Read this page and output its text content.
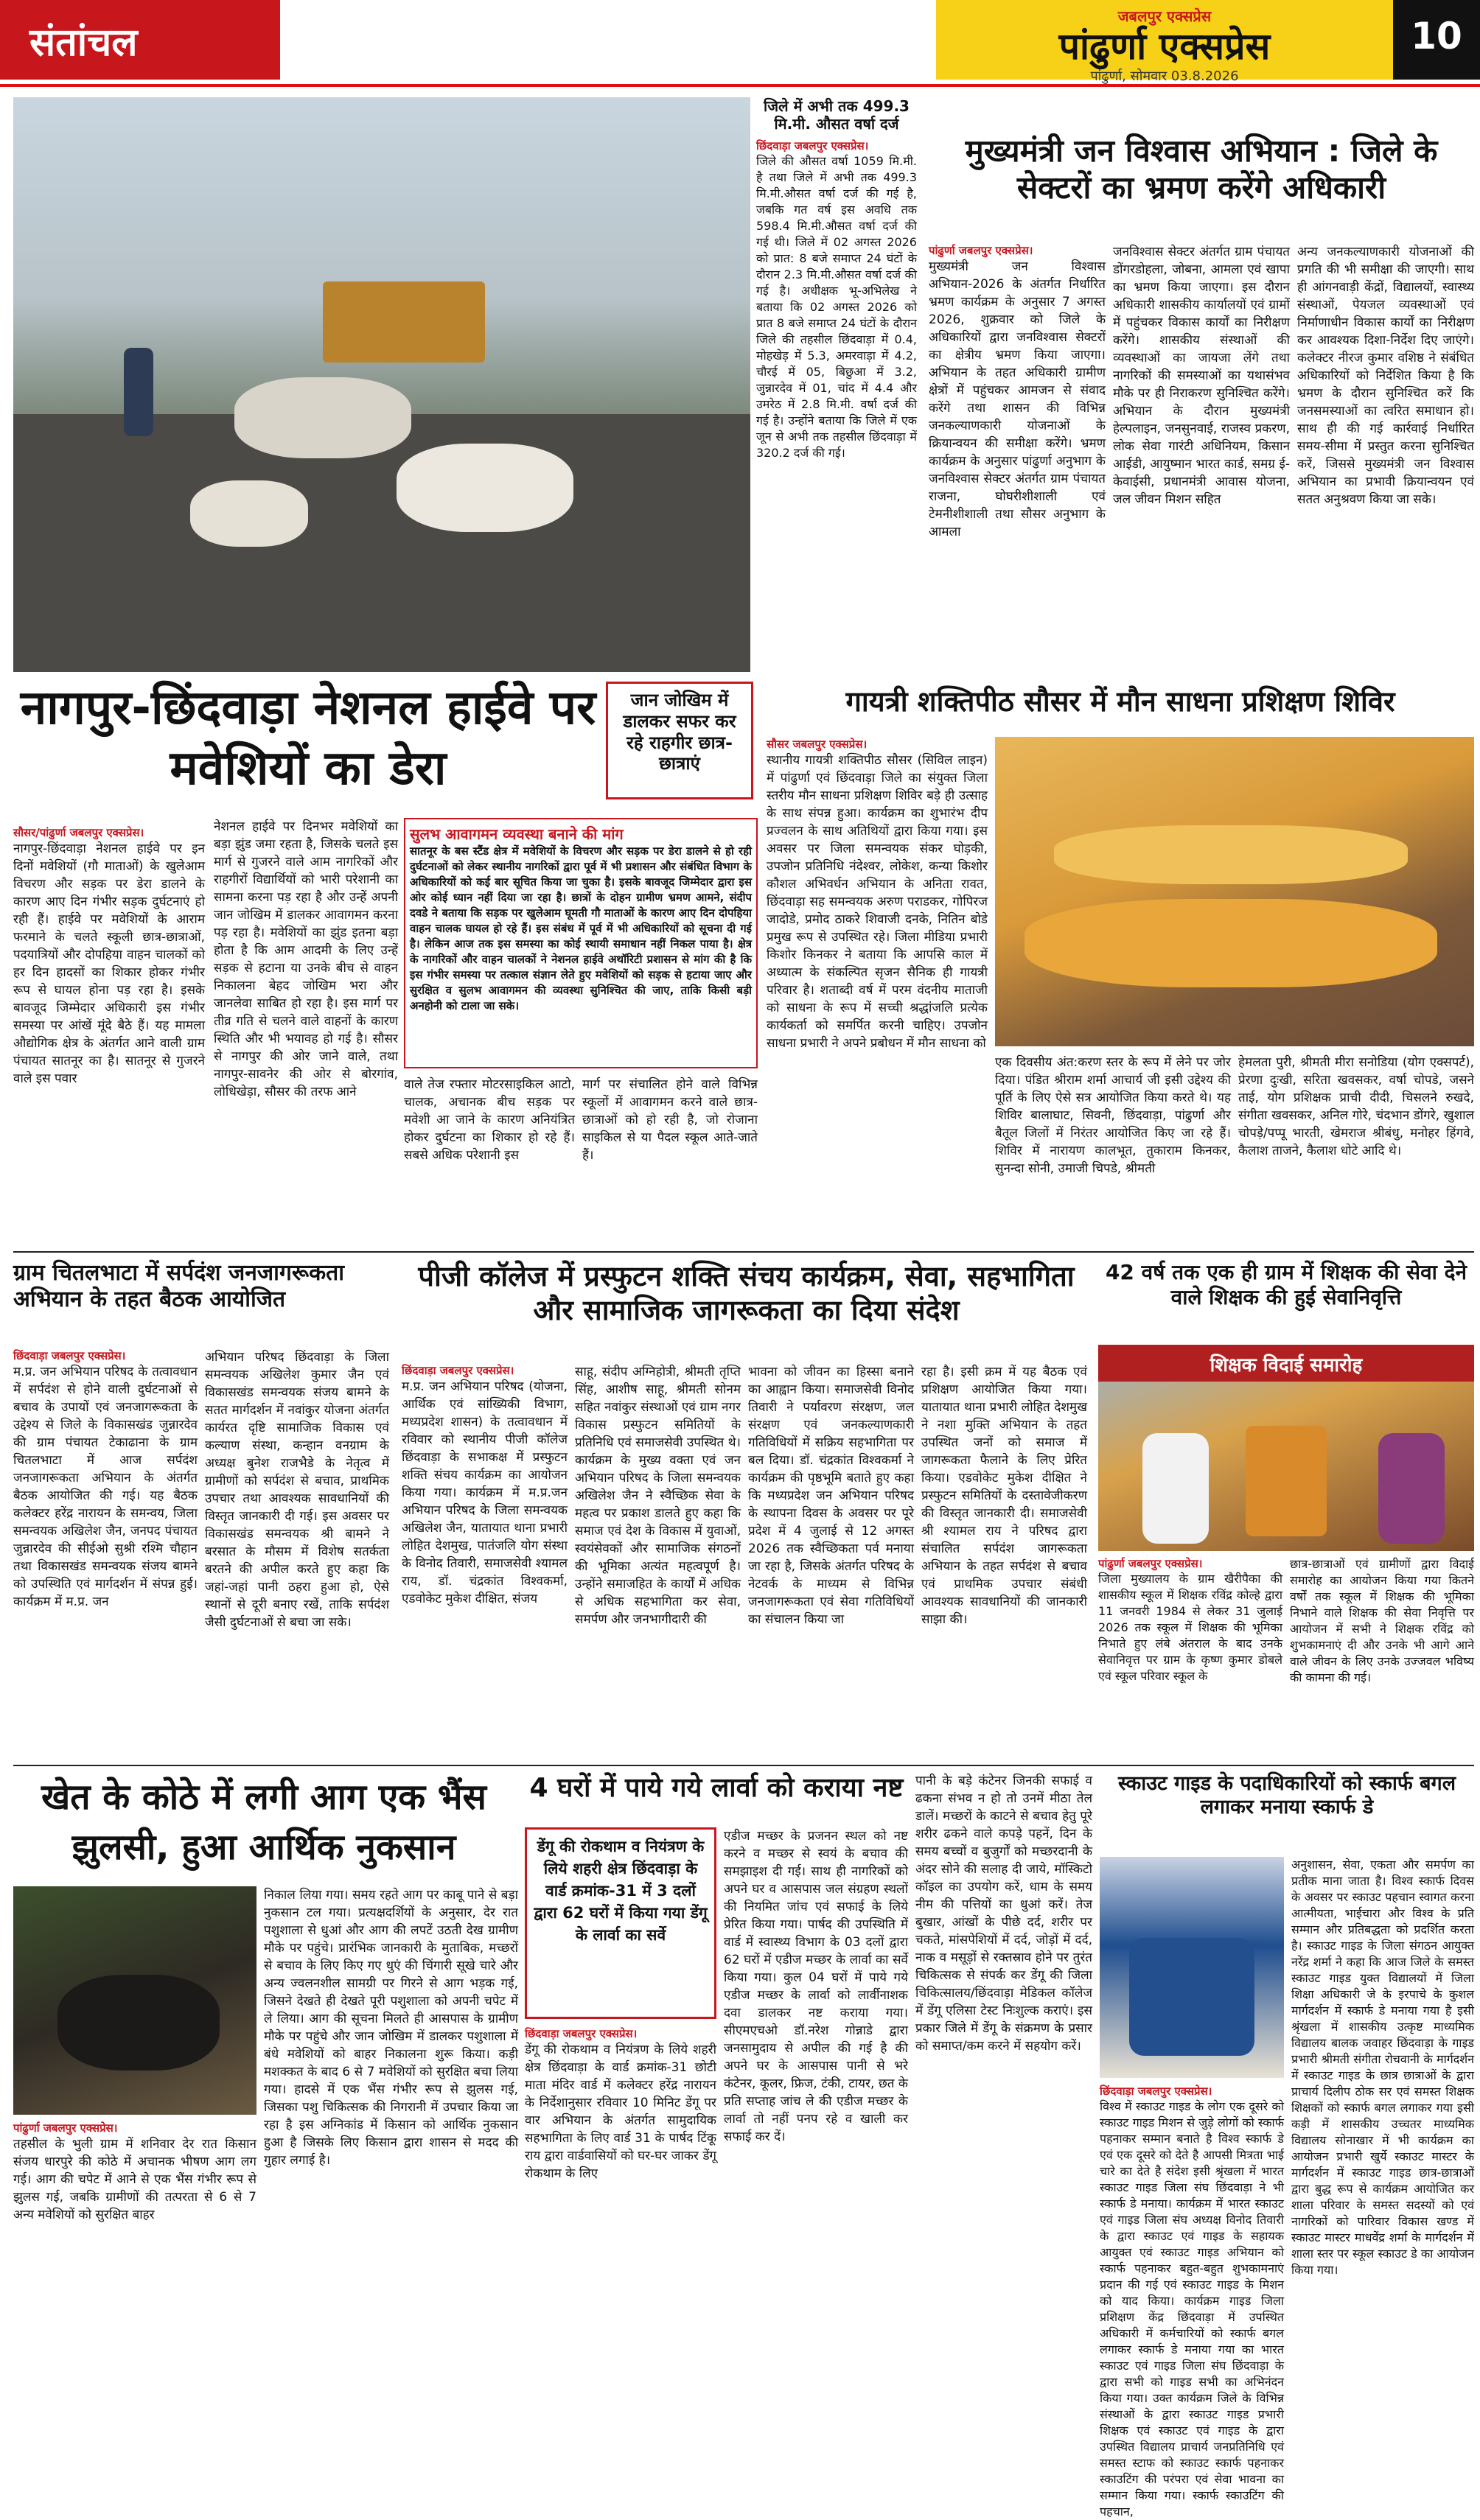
संतांचल
जबलपुर एक्सप्रेस
पांढुर्णा एक्सप्रेस
पांढुर्णा, सोमवार 03.8.2026
10
जिले में अभी तक 499.3 मि.मी. औसत वर्षा दर्ज
छिंदवाड़ा जबलपुर एक्सप्रेस।
जिले की औसत वर्षा 1059 मि.मी. है तथा जिले में अभी तक 499.3 मि.मी.औसत वर्षा दर्ज की गई है, जबकि गत वर्ष इस अवधि तक 598.4 मि.मी.औसत वर्षा दर्ज की गई थी। जिले में 02 अगस्त 2026 को प्रात: 8 बजे समाप्त 24 घंटों के दौरान 2.3 मि.मी.औसत वर्षा दर्ज की गई है। अधीक्षक भू-अभिलेख ने बताया कि 02 अगस्त 2026 को प्रात 8 बजे समाप्त 24 घंटों के दौरान जिले की तहसील छिंदवाड़ा में 0.4, मोहखेड़ में 5.3, अमरवाड़ा में 4.2, चौरई में 05, बिछुआ में 3.2, जुन्नारदेव में 01, चांद में 4.4 और उमरेठ में 2.8 मि.मी. वर्षा दर्ज की गई है। उन्होंने बताया कि जिले में एक जून से अभी तक तहसील छिंदवाड़ा में 320.2 दर्ज की गई।
मुख्यमंत्री जन विश्वास अभियान : जिले के सेक्टरों का भ्रमण करेंगे अधिकारी
पांढुर्णा जबलपुर एक्सप्रेस।
मुख्यमंत्री जन विश्वास अभियान-2026 के अंतर्गत निर्धारित भ्रमण कार्यक्रम के अनुसार 7 अगस्त 2026, शुक्रवार को जिले के अधिकारियों द्वारा जनविश्वास सेक्टरों का क्षेत्रीय भ्रमण किया जाएगा। अभियान के तहत अधिकारी ग्रामीण क्षेत्रों में पहुंचकर आमजन से संवाद करेंगे तथा शासन की विभिन्न जनकल्याणकारी योजनाओं के क्रियान्वयन की समीक्षा करेंगे। भ्रमण कार्यक्रम के अनुसार पांढुर्णा अनुभाग के जनविश्वास सेक्टर अंतर्गत ग्राम पंचायत राजना, घोघरीशीशाली एवं टेमनीशीशाली तथा सौसर अनुभाग के आमला
जनविश्वास सेक्टर अंतर्गत ग्राम पंचायत डोंगरडोहला, जोबना, आमला एवं खापा का भ्रमण किया जाएगा। इस दौरान अधिकारी शासकीय कार्यालयों एवं ग्रामों में पहुंचकर विकास कार्यों का निरीक्षण करेंगे। शासकीय संस्थाओं की व्यवस्थाओं का जायजा लेंगे तथा नागरिकों की समस्याओं का यथासंभव मौके पर ही निराकरण सुनिश्चित करेंगे। अभियान के दौरान मुख्यमंत्री हेल्पलाइन, जनसुनवाई, राजस्व प्रकरण, लोक सेवा गारंटी अधिनियम, किसान आईडी, आयुष्मान भारत कार्ड, समग्र ई-केवाईसी, प्रधानमंत्री आवास योजना, जल जीवन मिशन सहित
अन्य जनकल्याणकारी योजनाओं की प्रगति की भी समीक्षा की जाएगी। साथ ही आंगनवाड़ी केंद्रों, विद्यालयों, स्वास्थ्य संस्थाओं, पेयजल व्यवस्थाओं एवं निर्माणाधीन विकास कार्यों का निरीक्षण कर आवश्यक दिशा-निर्देश दिए जाएंगे। कलेक्टर नीरज कुमार वशिष्ठ ने संबंधित अधिकारियों को निर्देशित किया है कि भ्रमण के दौरान सुनिश्चित करें कि जनसमस्याओं का त्वरित समाधान हो। साथ ही की गई कार्रवाई निर्धारित समय-सीमा में प्रस्तुत करना सुनिश्चित करें, जिससे मुख्यमंत्री जन विश्वास अभियान का प्रभावी क्रियान्वयन एवं सतत अनुश्रवण किया जा सके।
नागपुर-छिंदवाड़ा नेशनल हाईवे पर मवेशियों का डेरा
जान जोखिम में डालकर सफर कर रहे राहगीर छात्र-छात्राएं
सौसर/पांढुर्णा जबलपुर एक्सप्रेस।
नागपुर-छिंदवाड़ा नेशनल हाईवे पर इन दिनों मवेशियों (गौ माताओं) के खुलेआम विचरण और सड़क पर डेरा डालने के कारण आए दिन गंभीर सड़क दुर्घटनाएं हो रही हैं। हाईवे पर मवेशियों के आराम फरमाने के चलते स्कूली छात्र-छात्राओं, पदयात्रियों और दोपहिया वाहन चालकों को हर दिन हादसों का शिकार होकर गंभीर रूप से घायल होना पड़ रहा है। इसके बावजूद जिम्मेदार अधिकारी इस गंभीर समस्या पर आंखें मूंदे बैठे हैं। यह मामला औद्योगिक क्षेत्र के अंतर्गत आने वाली ग्राम पंचायत सातनूर का है। सातनूर से गुजरने वाले इस पवार
नेशनल हाईवे पर दिनभर मवेशियों का बड़ा झुंड जमा रहता है, जिसके चलते इस मार्ग से गुजरने वाले आम नागरिकों और राहगीरों विद्यार्थियों को भारी परेशानी का सामना करना पड़ रहा है और उन्हें अपनी जान जोखिम में डालकर आवागमन करना पड़ रहा है। मवेशियों का झुंड इतना बड़ा होता है कि आम आदमी के लिए उन्हें सड़क से हटाना या उनके बीच से वाहन निकालना बेहद जोखिम भरा और जानलेवा साबित हो रहा है। इस मार्ग पर तीव्र गति से चलने वाले वाहनों के कारण स्थिति और भी भयावह हो गई है। सौसर से नागपुर की ओर जाने वाले, तथा नागपुर-सावनेर की ओर से बोरगांव, लोधिखेड़ा, सौसर की तरफ आने
सुलभ आवागमन व्यवस्था बनाने की मांग
सातनूर के बस स्टैंड क्षेत्र में मवेशियों के विचरण और सड़क पर डेरा डालने से हो रही दुर्घटनाओं को लेकर स्थानीय नागरिकों द्वारा पूर्व में भी प्रशासन और संबंधित विभाग के अधिकारियों को कई बार सूचित किया जा चुका है। इसके बावजूद जिम्मेदार द्वारा इस ओर कोई ध्यान नहीं दिया जा रहा है। छात्रों के दोहन ग्रामीण भ्रमण आमने, संदीप दवडे ने बताया कि सड़क पर खुलेआम घूमती गौ माताओं के कारण आए दिन दोपहिया वाहन चालक घायल हो रहे हैं। इस संबंध में पूर्व में भी अधिकारियों को सूचना दी गई है। लेकिन आज तक इस समस्या का कोई स्थायी समाधान नहीं निकल पाया है। क्षेत्र के नागरिकों और वाहन चालकों ने नेशनल हाईवे अथॉरिटी प्रशासन से मांग की है कि इस गंभीर समस्या पर तत्काल संज्ञान लेते हुए मवेशियों को सड़क से हटाया जाए और सुरक्षित व सुलभ आवागमन की व्यवस्था सुनिश्चित की जाए, ताकि किसी बड़ी अनहोनी को टाला जा सके।
वाले तेज रफ्तार मोटरसाइकिल आटो, चालक, अचानक बीच सड़क पर मवेशी आ जाने के कारण अनियंत्रित होकर दुर्घटना का शिकार हो रहे हैं। सबसे अधिक परेशानी इस
मार्ग पर संचालित होने वाले विभिन्न स्कूलों में आवागमन करने वाले छात्र-छात्राओं को हो रही है, जो रोजाना साइकिल से या पैदल स्कूल आते-जाते हैं।
गायत्री शक्तिपीठ सौसर में मौन साधना प्रशिक्षण शिविर
सौसर जबलपुर एक्सप्रेस।
स्थानीय गायत्री शक्तिपीठ सौसर (सिविल लाइन) में पांढुर्णा एवं छिंदवाड़ा जिले का संयुक्त जिला स्तरीय मौन साधना प्रशिक्षण शिविर बड़े ही उत्साह के साथ संपन्न हुआ। कार्यक्रम का शुभारंभ दीप प्रज्वलन के साथ अतिथियों द्वारा किया गया। इस अवसर पर जिला समन्वयक संकर घोड़की, उपजोन प्रतिनिधि नंदेश्वर, लोकेश, कन्या किशोर कौशल अभिवर्धन अभियान के अनिता रावत, छिंदवाड़ा सह समन्वयक अरुण पराडकर, गोपिरज जादोडे, प्रमोद ठाकरे शिवाजी दनके, नितिन बोडे प्रमुख रूप से उपस्थित रहे। जिला मीडिया प्रभारी किशोर किनकर ने बताया कि आपसि काल में अध्यात्म के संकल्पित सृजन सैनिक ही गायत्री परिवार है। शताब्दी वर्ष में परम वंदनीय माताजी को साधना के रूप में सच्ची श्रद्धांजलि प्रत्येक कार्यकर्ता को समर्पित करनी चाहिए। उपजोन साधना प्रभारी ने अपने प्रबोधन में मौन साधना को
एक दिवसीय अंत:करण स्तर के रूप में लेने पर जोर दिया। पंडित श्रीराम शर्मा आचार्य जी इसी उद्देश्य की पूर्ति के लिए ऐसे सत्र आयोजित किया करते थे। यह शिविर बालाघाट, सिवनी, छिंदवाड़ा, पांढुर्णा और बैतूल जिलों में निरंतर आयोजित किए जा रहे हैं। शिविर में नारायण कालभूत, तुकाराम किनकर, सुनन्दा सोनी, उमाजी चिपडे, श्रीमती
हेमलता पुरी, श्रीमती मीरा सनोडिया (योग एक्सपर्ट), प्रेरणा दुःखी, सरिता खवसकर, वर्षा चोपडे, जसने ताई, योग प्रशिक्षक प्राची दीदी, चिसलने रुखदे, संगीता खवसकर, अनिल गोरे, चंदभान डोंगरे, खुशाल चोपड़े/पप्पू भारती, खेमराज श्रीबंधु, मनोहर हिंगवे, कैलाश ताजने, कैलाश धोटे आदि थे।
ग्राम चितलभाटा में सर्पदंश जनजागरूकता अभियान के तहत बैठक आयोजित
छिंदवाड़ा जबलपुर एक्सप्रेस।
म.प्र. जन अभियान परिषद के तत्वावधान में सर्पदंश से होने वाली दुर्घटनाओं से बचाव के उपायों एवं जनजागरूकता के उद्देश्य से जिले के विकासखंड जुन्नारदेव की ग्राम पंचायत टेकाढाना के ग्राम चितलभाटा में आज सर्पदंश जनजागरूकता अभियान के अंतर्गत बैठक आयोजित की गई। यह बैठक कलेक्टर हरेंद्र नारायन के समन्वय, जिला समन्वयक अखिलेश जैन, जनपद पंचायत जुन्नारदेव की सीईओ सुश्री रश्मि चौहान तथा विकासखंड समन्वयक संजय बामने को उपस्थिति एवं मार्गदर्शन में संपन्न हुई। कार्यक्रम में म.प्र. जन
अभियान परिषद छिंदवाड़ा के जिला समन्वयक अखिलेश कुमार जैन एवं विकासखंड समन्वयक संजय बामने के सतत मार्गदर्शन में नवांकुर योजना अंतर्गत कार्यरत दृष्टि सामाजिक विकास एवं कल्याण संस्था, कन्हान वनग्राम के अध्यक्ष बुनेश राजभैडे के नेतृत्व में ग्रामीणों को सर्पदंश से बचाव, प्राथमिक उपचार तथा आवश्यक सावधानियों की विस्तृत जानकारी दी गई। इस अवसर पर विकासखंड समन्वयक श्री बामने ने बरसात के मौसम में विशेष सतर्कता बरतने की अपील करते हुए कहा कि जहां-जहां पानी ठहरा हुआ हो, ऐसे स्थानों से दूरी बनाए रखें, ताकि सर्पदंश जैसी दुर्घटनाओं से बचा जा सके।
पीजी कॉलेज में प्रस्फुटन शक्ति संचय कार्यक्रम, सेवा, सहभागिता और सामाजिक जागरूकता का दिया संदेश
छिंदवाड़ा जबलपुर एक्सप्रेस।
म.प्र. जन अभियान परिषद (योजना, आर्थिक एवं सांख्यिकी विभाग, मध्यप्रदेश शासन) के तत्वावधान में रविवार को स्थानीय पीजी कॉलेज छिंदवाड़ा के सभाकक्ष में प्रस्फुटन शक्ति संचय कार्यक्रम का आयोजन किया गया। कार्यक्रम में म.प्र.जन अभियान परिषद के जिला समन्वयक अखिलेश जैन, यातायात थाना प्रभारी लोहित देशमुख, पातंजलि योग संस्था के विनोद तिवारी, समाजसेवी श्यामल राय, डॉ. चंद्रकांत विश्वकर्मा, एडवोकेट मुकेश दीक्षित, संजय
साहू, संदीप अग्निहोत्री, श्रीमती तृप्ति सिंह, आशीष साहू, श्रीमती सोनम सहित नवांकुर संस्थाओं एवं ग्राम नगर विकास प्रस्फुटन समितियों के प्रतिनिधि एवं समाजसेवी उपस्थित थे। कार्यक्रम के मुख्य वक्ता एवं जन अभियान परिषद के जिला समन्वयक अखिलेश जैन ने स्वैच्छिक सेवा के महत्व पर प्रकाश डालते हुए कहा कि समाज एवं देश के विकास में युवाओं, स्वयंसेवकों और सामाजिक संगठनों की भूमिका अत्यंत महत्वपूर्ण है। उन्होंने समाजहित के कार्यों में अधिक से अधिक सहभागिता कर सेवा, समर्पण और जनभागीदारी की
भावना को जीवन का हिस्सा बनाने का आह्वान किया। समाजसेवी विनोद तिवारी ने पर्यावरण संरक्षण, जल संरक्षण एवं जनकल्याणकारी गतिविधियों में सक्रिय सहभागिता पर बल दिया। डॉ. चंद्रकांत विश्वकर्मा ने कार्यक्रम की पृष्ठभूमि बताते हुए कहा कि मध्यप्रदेश जन अभियान परिषद के स्थापना दिवस के अवसर पर पूरे प्रदेश में 4 जुलाई से 12 अगस्त 2026 तक स्वैच्छिकता पर्व मनाया जा रहा है, जिसके अंतर्गत परिषद के नेटवर्क के माध्यम से विभिन्न जनजागरूकता एवं सेवा गतिविधियों का संचालन किया जा
रहा है। इसी क्रम में यह बैठक एवं प्रशिक्षण आयोजित किया गया। यातायात थाना प्रभारी लोहित देशमुख ने नशा मुक्ति अभियान के तहत उपस्थित जनों को समाज में जागरूकता फैलाने के लिए प्रेरित किया। एडवोकेट मुकेश दीक्षित ने प्रस्फुटन समितियों के दस्तावेजीकरण की विस्तृत जानकारी दी। समाजसेवी श्री श्यामल राय ने परिषद द्वारा संचालित सर्पदंश जागरूकता अभियान के तहत सर्पदंश से बचाव एवं प्राथमिक उपचार संबंधी आवश्यक सावधानियों की जानकारी साझा की।
42 वर्ष तक एक ही ग्राम में शिक्षक की सेवा देने वाले शिक्षक की हुई सेवानिवृत्ति
शिक्षक विदाई समारोह
पांढुर्णा जबलपुर एक्सप्रेस।
जिला मुख्यालय के ग्राम खैरीपैका की शासकीय स्कूल में शिक्षक रविंद्र कोल्हे द्वारा 11 जनवरी 1984 से लेकर 31 जुलाई 2026 तक स्कूल में शिक्षक की भूमिका निभाते हुए लंबे अंतराल के बाद उनके सेवानिवृत्त पर ग्राम के कृष्ण कुमार डोबले एवं स्कूल परिवार स्कूल के
छात्र-छात्राओं एवं ग्रामीणों द्वारा विदाई समारोह का आयोजन किया गया कितने वर्षों तक स्कूल में शिक्षक की भूमिका निभाने वाले शिक्षक की सेवा निवृत्ति पर आयोजन में सभी ने शिक्षक रविंद्र को शुभकामनाएं दी और उनके भी आगे आने वाले जीवन के लिए उनके उज्जवल भविष्य की कामना की गई।
खेत के कोठे में लगी आग एक भैंस झुलसी, हुआ आर्थिक नुकसान
पांढुर्णा जबलपुर एक्सप्रेस।
तहसील के भुली ग्राम में शनिवार देर रात किसान संजय धारपुरे की कोठे में अचानक भीषण आग लग गई। आग की चपेट में आने से एक भैंस गंभीर रूप से झुलस गई, जबकि ग्रामीणों की तत्परता से 6 से 7 अन्य मवेशियों को सुरक्षित बाहर
निकाल लिया गया। समय रहते आग पर काबू पाने से बड़ा नुकसान टल गया। प्रत्यक्षदर्शियों के अनुसार, देर रात पशुशाला से धुआं और आग की लपटें उठती देख ग्रामीण मौके पर पहुंचे। प्रारंभिक जानकारी के मुताबिक, मच्छरों से बचाव के लिए किए गए धुएं की चिंगारी सूखे चारे और अन्य ज्वलनशील सामग्री पर गिरने से आग भड़क गई, जिसने देखते ही देखते पूरी पशुशाला को अपनी चपेट में ले लिया। आग की सूचना मिलते ही आसपास के ग्रामीण मौके पर पहुंचे और जान जोखिम में डालकर पशुशाला में बंधे मवेशियों को बाहर निकालना शुरू किया। कड़ी मशक्कत के बाद 6 से 7 मवेशियों को सुरक्षित बचा लिया गया। हादसे में एक भैंस गंभीर रूप से झुलस गई, जिसका पशु चिकित्सक की निगरानी में उपचार किया जा रहा है इस अग्निकांड में किसान को आर्थिक नुकसान हुआ है जिसके लिए किसान द्वारा शासन से मदद की गुहार लगाई है।
4 घरों में पाये गये लार्वा को कराया नष्ट
डेंगू की रोकथाम व नियंत्रण के लिये शहरी क्षेत्र छिंदवाड़ा के वार्ड क्रमांक-31 में 3 दलों द्वारा 62 घरों में किया गया डेंगू के लार्वा का सर्वे
छिंदवाड़ा जबलपुर एक्सप्रेस।
डेंगू की रोकथाम व नियंत्रण के लिये शहरी क्षेत्र छिंदवाड़ा के वार्ड क्रमांक-31 छोटी माता मंदिर वार्ड में कलेक्टर हरेंद्र नारायन के निर्देशानुसार रविवार 10 मिनिट डेंगू पर वार अभियान के अंतर्गत सामुदायिक सहभागिता के लिए वार्ड 31 के पार्षद टिंकू राय द्वारा वार्डवासियों को घर-घर जाकर डेंगू रोकथाम के लिए
एडीज मच्छर के प्रजनन स्थल को नष्ट करने व मच्छर से स्वयं के बचाव की समझाइश दी गई। साथ ही नागरिकों को अपने घर व आसपास जल संग्रहण स्थलों की नियमित जांच एवं सफाई के लिये प्रेरित किया गया। पार्षद की उपस्थिति में वार्ड में स्वास्थ्य विभाग के 03 दलों द्वारा 62 घरों में एडीज मच्छर के लार्वा का सर्वे किया गया। कुल 04 घरों में पाये गये एडीज मच्छर के लार्वा को लार्वीनाशक दवा डालकर नष्ट कराया गया। सीएमएचओ डॉ.नरेश गोन्नाडे द्वारा जनसामुदाय से अपील की गई है की अपने घर के आसपास पानी से भरे कंटेनर, कूलर, फ्रिज, टंकी, टायर, छत के प्रति सप्ताह जांच ले की एडीज मच्छर के लार्वा तो नहीं पनप रहे व खाली कर सफाई कर दें।
पानी के बड़े कंटेनर जिनकी सफाई व ढकना संभव न हो तो उनमें मीठा तेल डालें। मच्छरों के काटने से बचाव हेतु पूरे शरीर ढकने वाले कपड़े पहनें, दिन के समय बच्चों व बुजुर्गों को मच्छरदानी के अंदर सोने की सलाह दी जाये, मॉस्किटो कॉइल का उपयोग करें, धाम के समय नीम की पत्तियों का धुआं करें। तेज बुखार, आंखों के पीछे दर्द, शरीर पर चकते, मांसपेशियों में दर्द, जोड़ों में दर्द, नाक व मसूड़ों से रक्तस्राव होने पर तुरंत चिकित्सक से संपर्क कर डेंगू की जिला चिकित्सालय/छिंदवाड़ा मेडिकल कॉलेज में डेंगू एलिसा टेस्ट निःशुल्क कराएं। इस प्रकार जिले में डेंगू के संक्रमण के प्रसार को समाप्त/कम करने में सहयोग करें।
स्काउट गाइड के पदाधिकारियों को स्कार्फ बगल लगाकर मनाया स्कार्फ डे
अनुशासन, सेवा, एकता और समर्पण का प्रतीक माना जाता है। विश्व स्कार्फ दिवस के अवसर पर स्काउट पहचान स्वागत करना आत्मीयता, भाईचारा और विश्व के प्रति सम्मान और प्रतिबद्धता को प्रदर्शित करता है। स्काउट गाइड के जिला संगठन आयुक्त नरेंद्र शर्मा ने कहा कि आज जिले के समस्त स्काउट गाइड युक्त विद्यालयों में जिला शिक्षा अधिकारी जे के इरपाचे के कुशल मार्गदर्शन में स्कार्फ डे मनाया गया है इसी श्रृंखला में शासकीय उत्कृष्ट माध्यमिक विद्यालय बालक जवाहर छिंदवाड़ा के गाइड प्रभारी श्रीमती संगीता रोचवानी के मार्गदर्शन में स्काउट गाइड के छात्र छात्राओं के द्वारा प्राचार्य दिलीप ठोक सर एवं समस्त शिक्षक शिक्षकों को स्कार्फ बगल लगाकर गया इसी कड़ी में शासकीय उच्चतर माध्यमिक विद्यालय सोनाखार में भी कार्यक्रम का आयोजन प्रभारी खुर्ये स्काउट मास्टर के मार्गदर्शन में स्काउट गाइड छात्र-छात्राओं द्वारा बुद्ध रूप से कार्यक्रम आयोजित कर शाला परिवार के समस्त सदस्यों को एवं नागरिकों को पारिवार विकास खण्ड में स्काउट मास्टर माधवेंद्र शर्मा के मार्गदर्शन में शाला स्तर पर स्कूल स्काउट डे का आयोजन किया गया।
छिंदवाड़ा जबलपुर एक्सप्रेस।
विश्व में स्काउट गाइड के लोग एक दूसरे को स्काउट गाइड मिशन से जुड़े लोगों को स्कार्फ पहनाकर सम्मान बनाते है विश्व स्कार्फ डे एवं एक दूसरे को देते है आपसी मित्रता भाई चारे का देते है संदेश इसी श्रृंखला में भारत स्काउट गाइड जिला संघ छिंदवाड़ा ने भी स्कार्फ डे मनाया। कार्यक्रम में भारत स्काउट एवं गाइड जिला संघ अध्यक्ष विनोद तिवारी के द्वारा स्काउट एवं गाइड के सहायक आयुक्त एवं स्काउट गाइड अभियान को स्कार्फ पहनाकर बहुत-बहुत शुभकामनाएं प्रदान की गई एवं स्काउट गाइड के मिशन को याद किया। कार्यक्रम गाइड जिला प्रशिक्षण केंद्र छिंदवाड़ा में उपस्थित अधिकारी में कर्मचारियों को स्कार्फ बगल लगाकर स्कार्फ डे मनाया गया का भारत स्काउट एवं गाइड जिला संघ छिंदवाड़ा के द्वारा सभी को गाइड सभी का अभिनंदन किया गया। उक्त कार्यक्रम जिले के विभिन्न संस्थाओं के द्वारा स्काउट गाइड प्रभारी शिक्षक एवं स्काउट एवं गाइड के द्वारा उपस्थित विद्यालय प्राचार्य जनप्रतिनिधि एवं समस्त स्टाफ को स्काउट स्कार्फ पहनाकर स्काउटिंग की परंपरा एवं सेवा भावना का सम्मान किया गया। स्कार्फ स्काउटिंग की पहचान,
